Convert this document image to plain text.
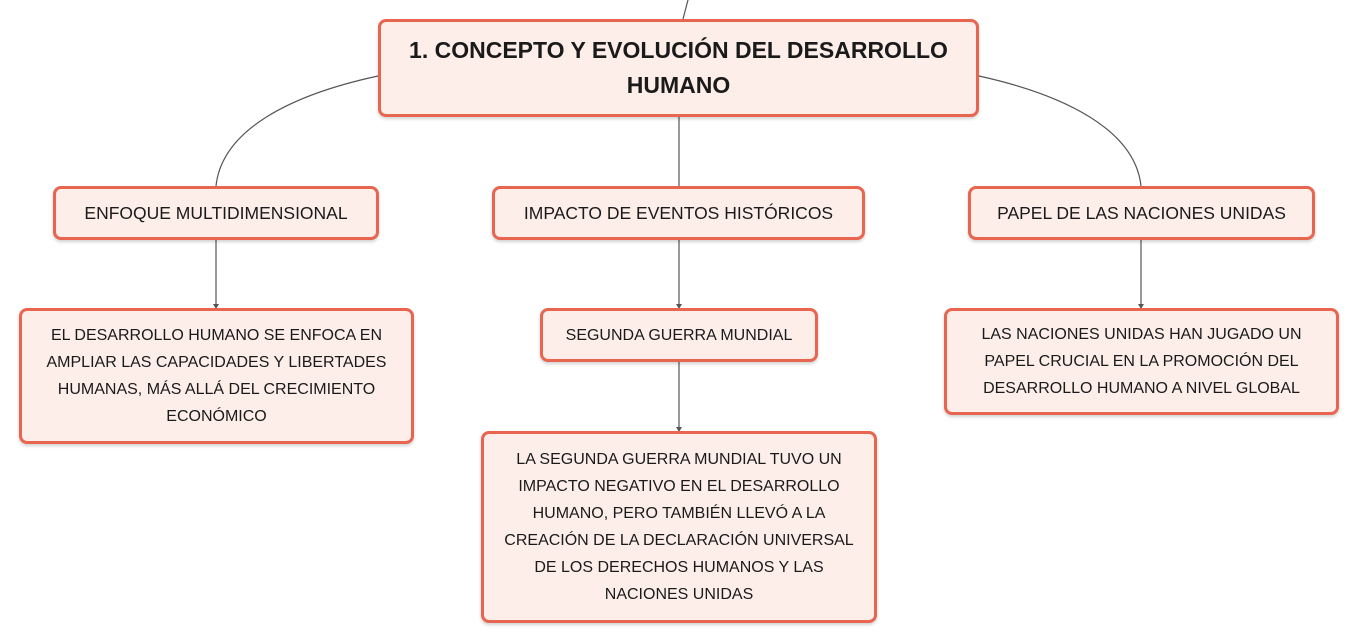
1. CONCEPTO Y EVOLUCIÓN DEL DESARROLLO HUMANO
ENFOQUE MULTIDIMENSIONAL	IMPACTO DE EVENTOS HISTÓRICOS	PAPEL DE LAS NACIONES UNIDAS
EL DESARROLLO HUMANO SE ENFOCA EN AMPLIAR LAS CAPACIDADES Y LIBERTADES HUMANAS, MÁS ALLÁ DEL CRECIMIENTO ECONÓMICO
SEGUNDA GUERRA MUNDIAL
LA SEGUNDA GUERRA MUNDIAL TUVO UN IMPACTO NEGATIVO EN EL DESARROLLO HUMANO, PERO TAMBIÉN LLEVÓ A LA CREACIÓN DE LA DECLARACIÓN UNIVERSAL DE LOS DERECHOS HUMANOS Y LAS NACIONES UNIDAS
LAS NACIONES UNIDAS HAN JUGADO UN PAPEL CRUCIAL EN LA PROMOCIÓN DEL DESARROLLO HUMANO A NIVEL GLOBAL
